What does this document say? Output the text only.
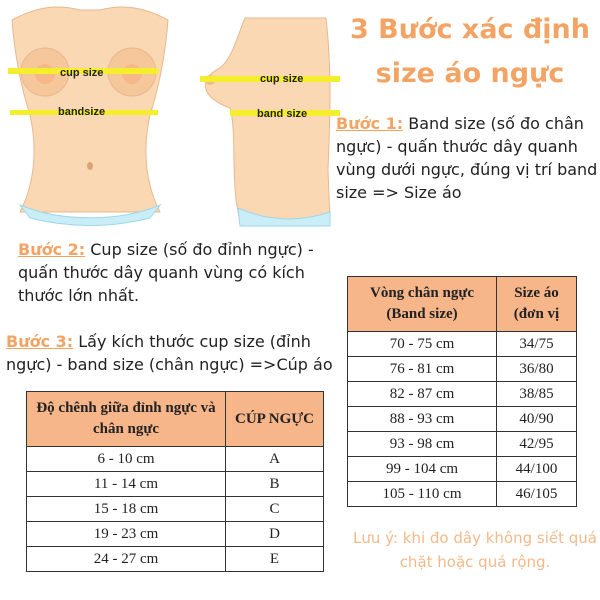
cup size
bandsize
cup size
band size
3 Bước xác định size áo ngực
Bước 1: Band size (số đo chân ngực) - quấn thước dây quanh vùng dưới ngực, đúng vị trí band size => Size áo
Bước 2: Cup size (số đo đỉnh ngực) - quấn thước dây quanh vùng có kích thước lớn nhất.
Bước 3: Lấy kích thước cup size (đỉnh ngực) - band size (chân ngực) =>Cúp áo
Vòng chân ngực (Band size)	Size áo (đơn vị
70 - 75 cm	34/75
76 - 81 cm	36/80
82 - 87 cm	38/85
88 - 93 cm	40/90
93 - 98 cm	42/95
99 - 104 cm	44/100
105 - 110 cm	46/105
Độ chênh giữa đỉnh ngực và chân ngực	CÚP NGỰC
6 - 10 cm	A
11 - 14 cm	B
15 - 18 cm	C
19 - 23 cm	D
24 - 27 cm	E
Lưu ý: khi đo dây không siết quá chặt hoặc quá rộng.
